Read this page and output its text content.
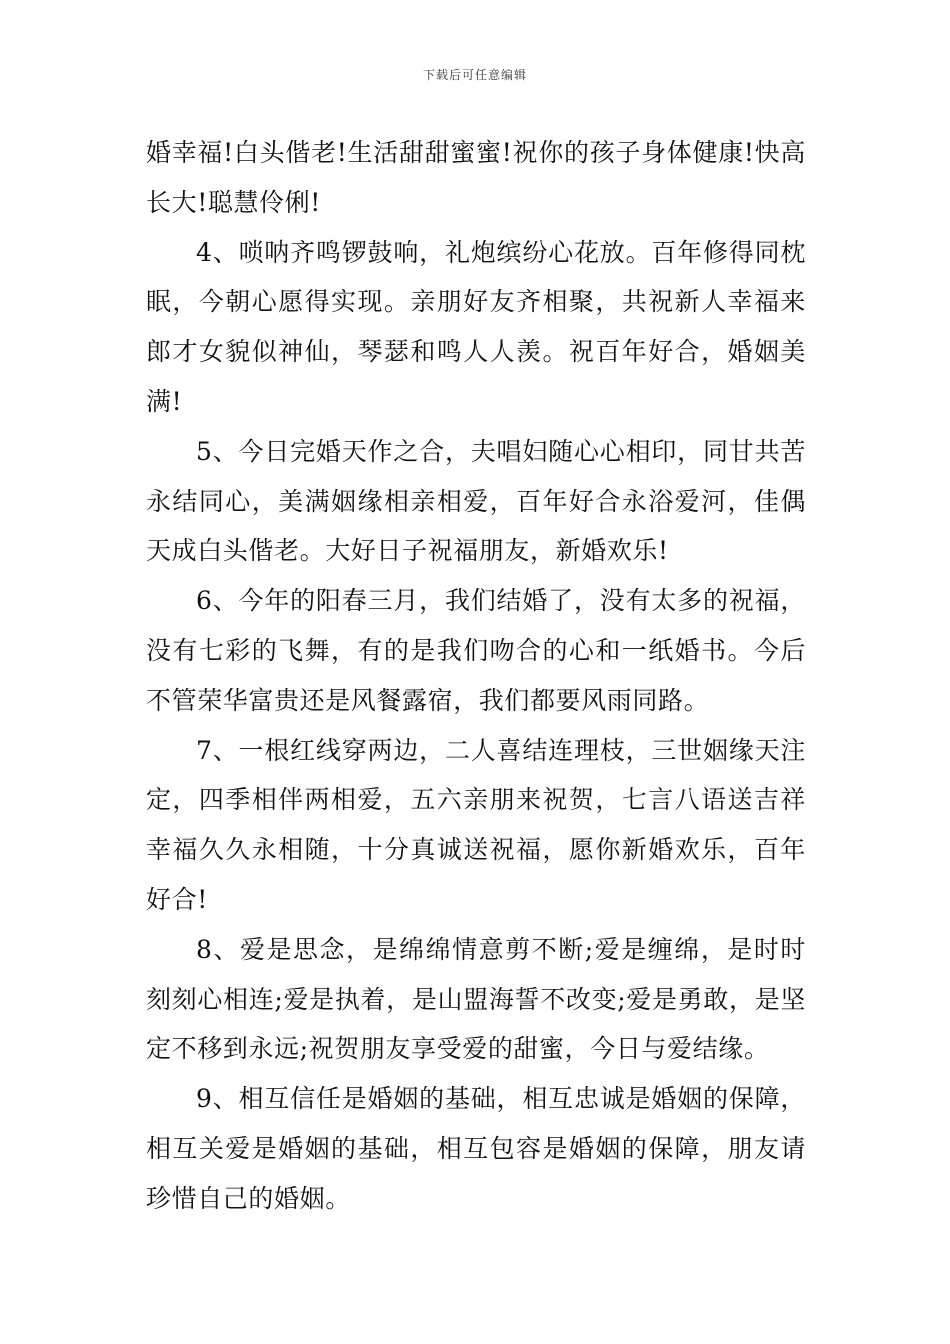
下载后可任意编辑

婚幸福!白头偕老!生活甜甜蜜蜜!祝你的孩子身体健康!快高长大!聪慧伶俐!

4、唢呐齐鸣锣鼓响，礼炮缤纷心花放。百年修得同枕眠，今朝心愿得实现。亲朋好友齐相聚，共祝新人幸福来郎才女貌似神仙，琴瑟和鸣人人羡。祝百年好合，婚姻美满!

5、今日完婚天作之合，夫唱妇随心心相印，同甘共苦永结同心，美满姻缘相亲相爱，百年好合永浴爱河，佳偶天成白头偕老。大好日子祝福朋友，新婚欢乐!

6、今年的阳春三月，我们结婚了，没有太多的祝福，没有七彩的飞舞，有的是我们吻合的心和一纸婚书。今后不管荣华富贵还是风餐露宿，我们都要风雨同路。

7、一根红线穿两边，二人喜结连理枝，三世姻缘天注定，四季相伴两相爱，五六亲朋来祝贺，七言八语送吉祥幸福久久永相随，十分真诚送祝福，愿你新婚欢乐，百年好合!

8、爱是思念，是绵绵情意剪不断;爱是缠绵，是时时刻刻心相连;爱是执着，是山盟海誓不改变;爱是勇敢，是坚定不移到永远;祝贺朋友享受爱的甜蜜，今日与爱结缘。

9、相互信任是婚姻的基础，相互忠诚是婚姻的保障，相互关爱是婚姻的基础，相互包容是婚姻的保障，朋友请珍惜自己的婚姻。
